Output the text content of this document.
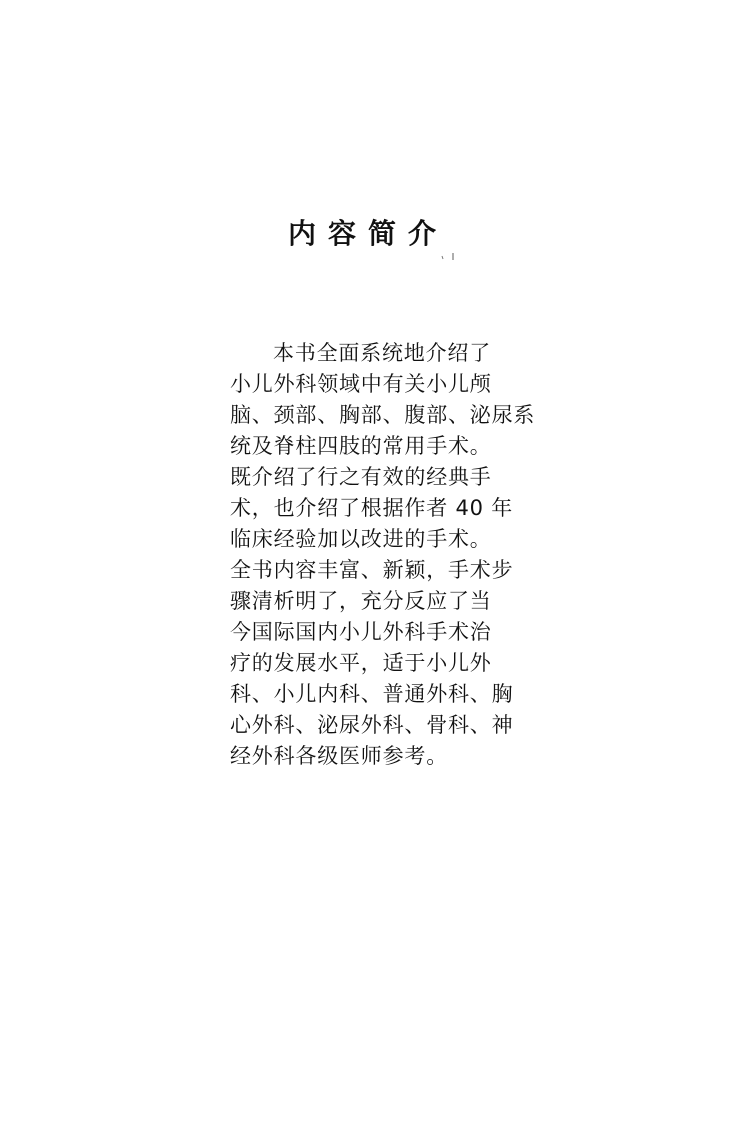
内容简介
本书全面系统地介绍了
小儿外科领域中有关小儿颅
脑、颈部、胸部、腹部、泌尿系
统及脊柱四肢的常用手术。
既介绍了行之有效的经典手
术，也介绍了根据作者 40 年
临床经验加以改进的手术。
全书内容丰富、新颖，手术步
骤清析明了，充分反应了当
今国际国内小儿外科手术治
疗的发展水平，适于小儿外
科、小儿内科、普通外科、胸
心外科、泌尿外科、骨科、神
经外科各级医师参考。
